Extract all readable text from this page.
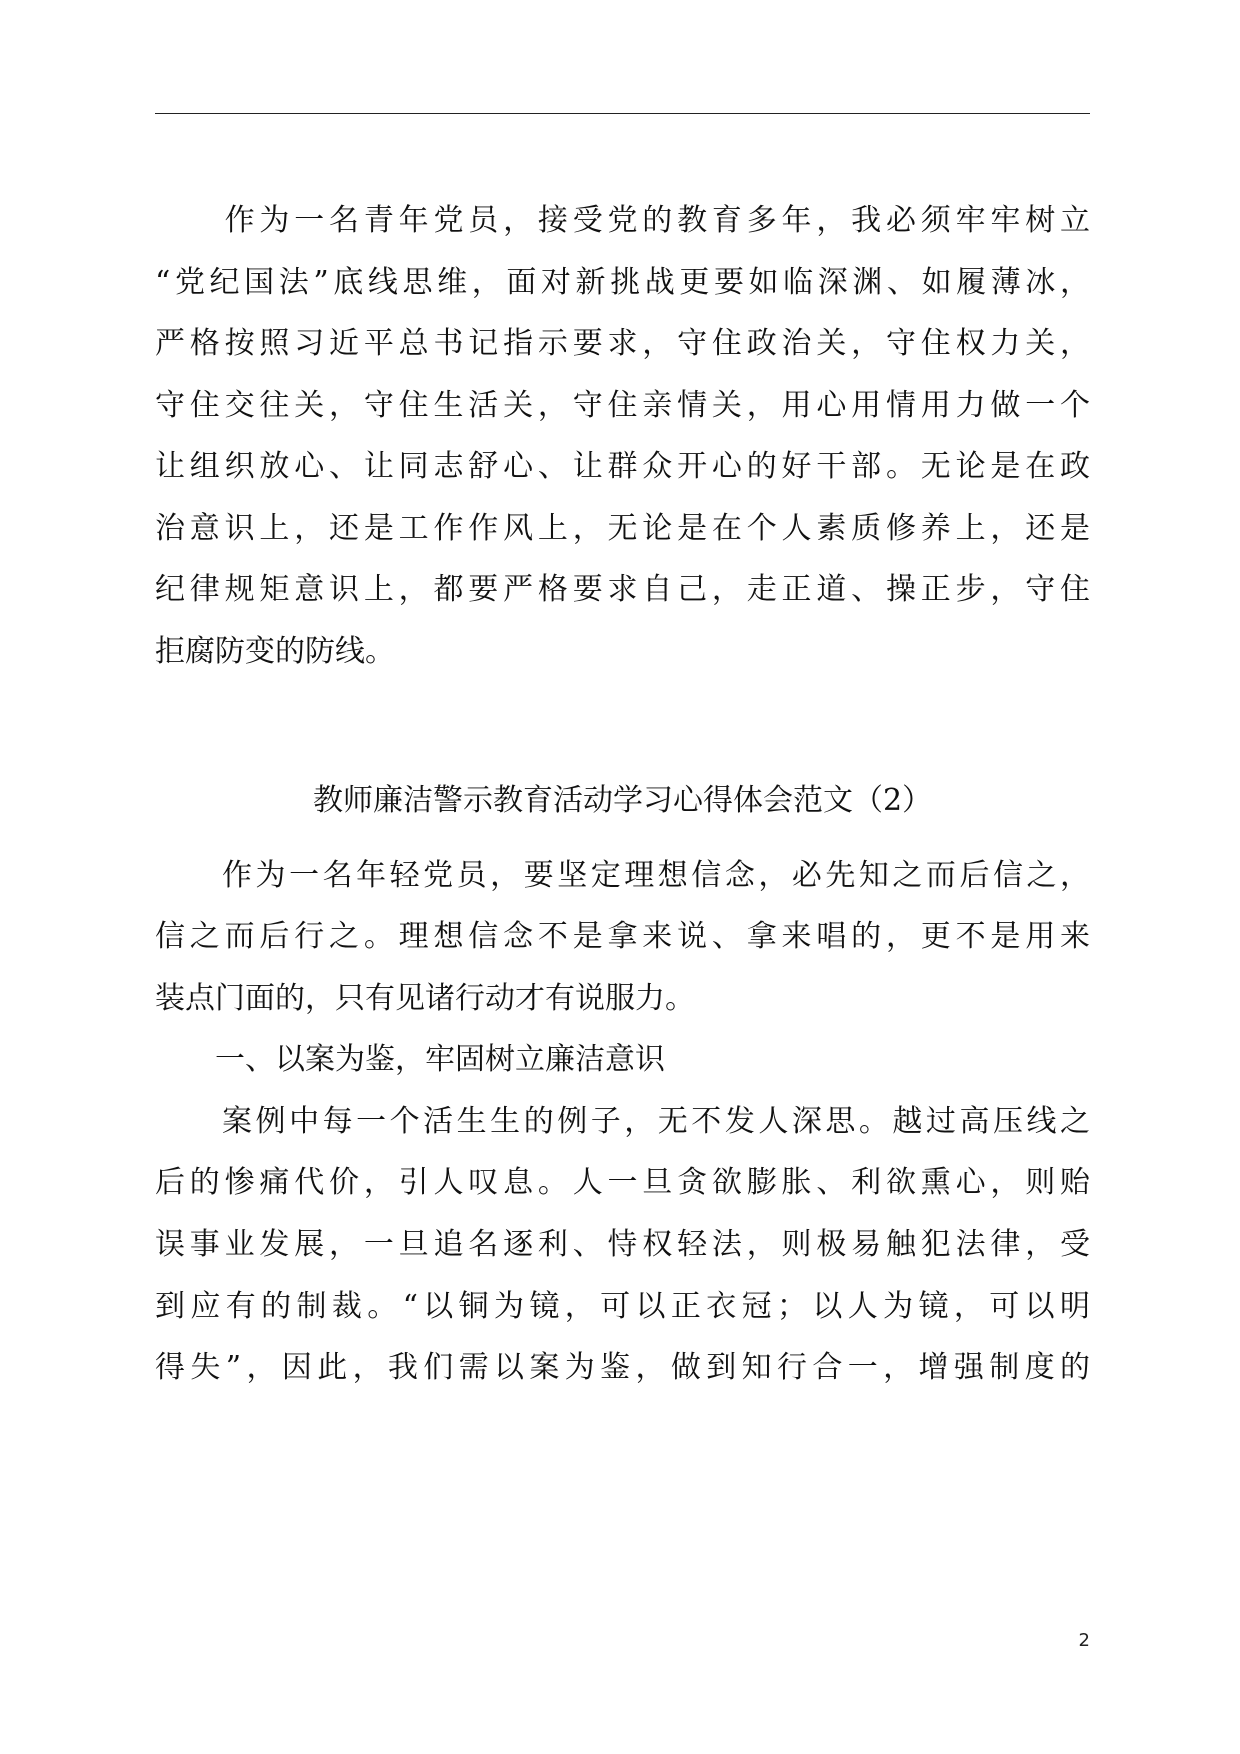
　　作为一名青年党员，接受党的教育多年，我必须牢牢树立
“党纪国法”底线思维，面对新挑战更要如临深渊、如履薄冰，
严格按照习近平总书记指示要求，守住政治关，守住权力关，
守住交往关，守住生活关，守住亲情关，用心用情用力做一个
让组织放心、让同志舒心、让群众开心的好干部。无论是在政
治意识上，还是工作作风上，无论是在个人素质修养上，还是
纪律规矩意识上，都要严格要求自己，走正道、操正步，守住
拒腐防变的防线。
教师廉洁警示教育活动学习心得体会范文（2）
　　作为一名年轻党员，要坚定理想信念，必先知之而后信之，
信之而后行之。理想信念不是拿来说、拿来唱的，更不是用来
装点门面的，只有见诸行动才有说服力。
　　一、以案为鉴，牢固树立廉洁意识
　　案例中每一个活生生的例子，无不发人深思。越过高压线之
后的惨痛代价，引人叹息。人一旦贪欲膨胀、利欲熏心，则贻
误事业发展，一旦追名逐利、恃权轻法，则极易触犯法律，受
到应有的制裁。“以铜为镜，可以正衣冠；以人为镜，可以明
得失”，因此，我们需以案为鉴，做到知行合一，增强制度的
2
